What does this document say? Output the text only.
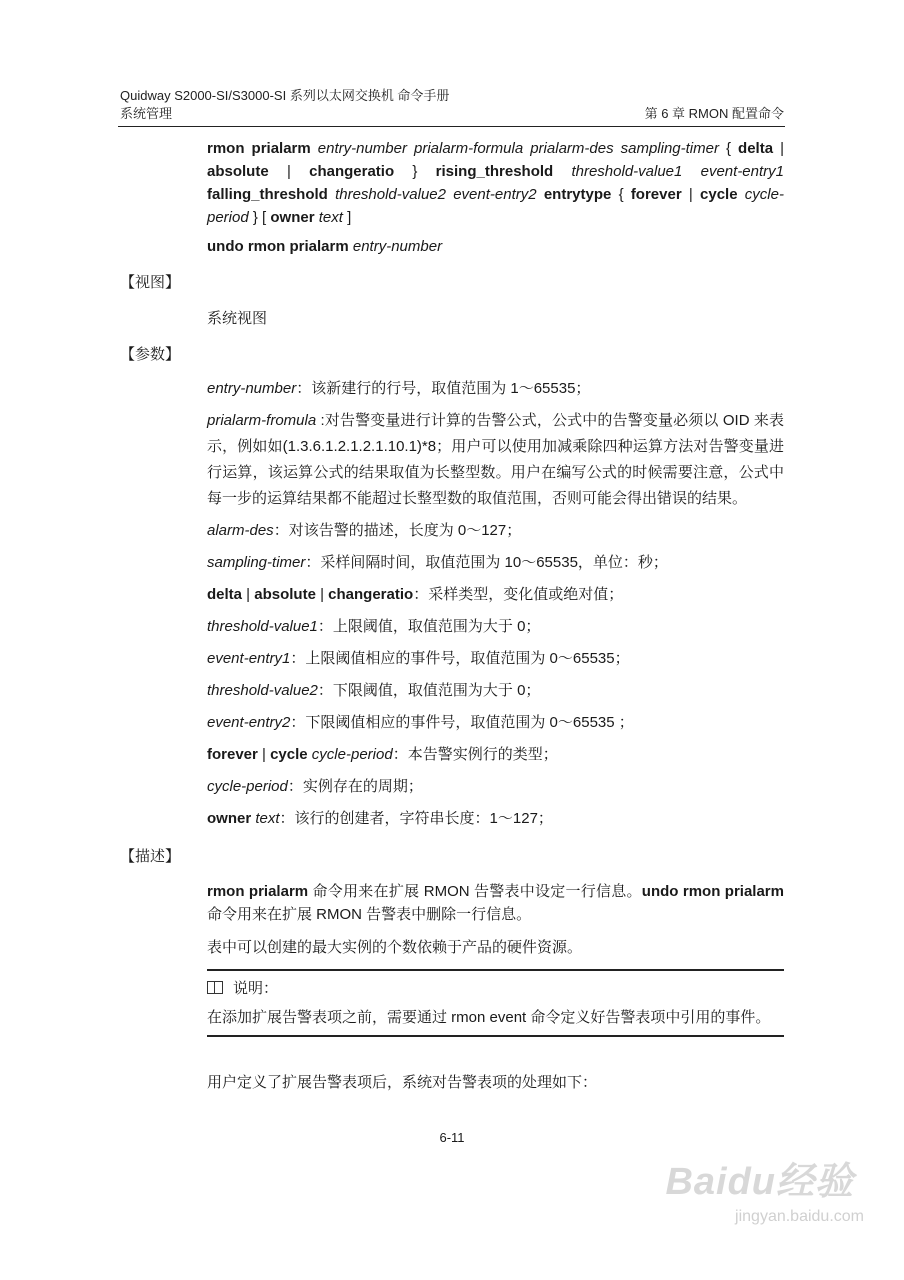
Quidway S2000-SI/S3000-SI 系列以太网交换机 命令手册
系统管理	第 6 章 RMON 配置命令
rmon prialarm entry-number prialarm-formula prialarm-des sampling-timer { delta | absolute | changeratio } rising_threshold threshold-value1 event-entry1 falling_threshold threshold-value2 event-entry2 entrytype { forever | cycle cycle-period } [ owner text ]
undo rmon prialarm entry-number
【视图】
系统视图
【参数】
entry-number：该新建行的行号，取值范围为 1～65535；
prialarm-fromula :对告警变量进行计算的告警公式，公式中的告警变量必须以 OID 来表示，例如如(1.3.6.1.2.1.2.1.10.1)*8；用户可以使用加减乘除四种运算方法对告警变量进行运算，该运算公式的结果取值为长整型数。用户在编写公式的时候需要注意，公式中每一步的运算结果都不能超过长整型数的取值范围，否则可能会得出错误的结果。
alarm-des：对该告警的描述，长度为 0～127；
sampling-timer：采样间隔时间，取值范围为 10～65535，单位：秒；
delta | absolute | changeratio：采样类型，变化值或绝对值；
threshold-value1：上限阈值，取值范围为大于 0；
event-entry1：上限阈值相应的事件号，取值范围为 0～65535；
threshold-value2：下限阈值，取值范围为大于 0；
event-entry2：下限阈值相应的事件号，取值范围为 0～65535 ；
forever | cycle cycle-period：本告警实例行的类型；
cycle-period：实例存在的周期；
owner text：该行的创建者，字符串长度：1～127；
【描述】
rmon prialarm 命令用来在扩展 RMON 告警表中设定一行信息。undo rmon prialarm 命令用来在扩展 RMON 告警表中删除一行信息。
表中可以创建的最大实例的个数依赖于产品的硬件资源。
说明：
在添加扩展告警表项之前，需要通过 rmon event 命令定义好告警表项中引用的事件。
用户定义了扩展告警表项后，系统对告警表项的处理如下：
6-11
Baidu经验
jingyan.baidu.com
